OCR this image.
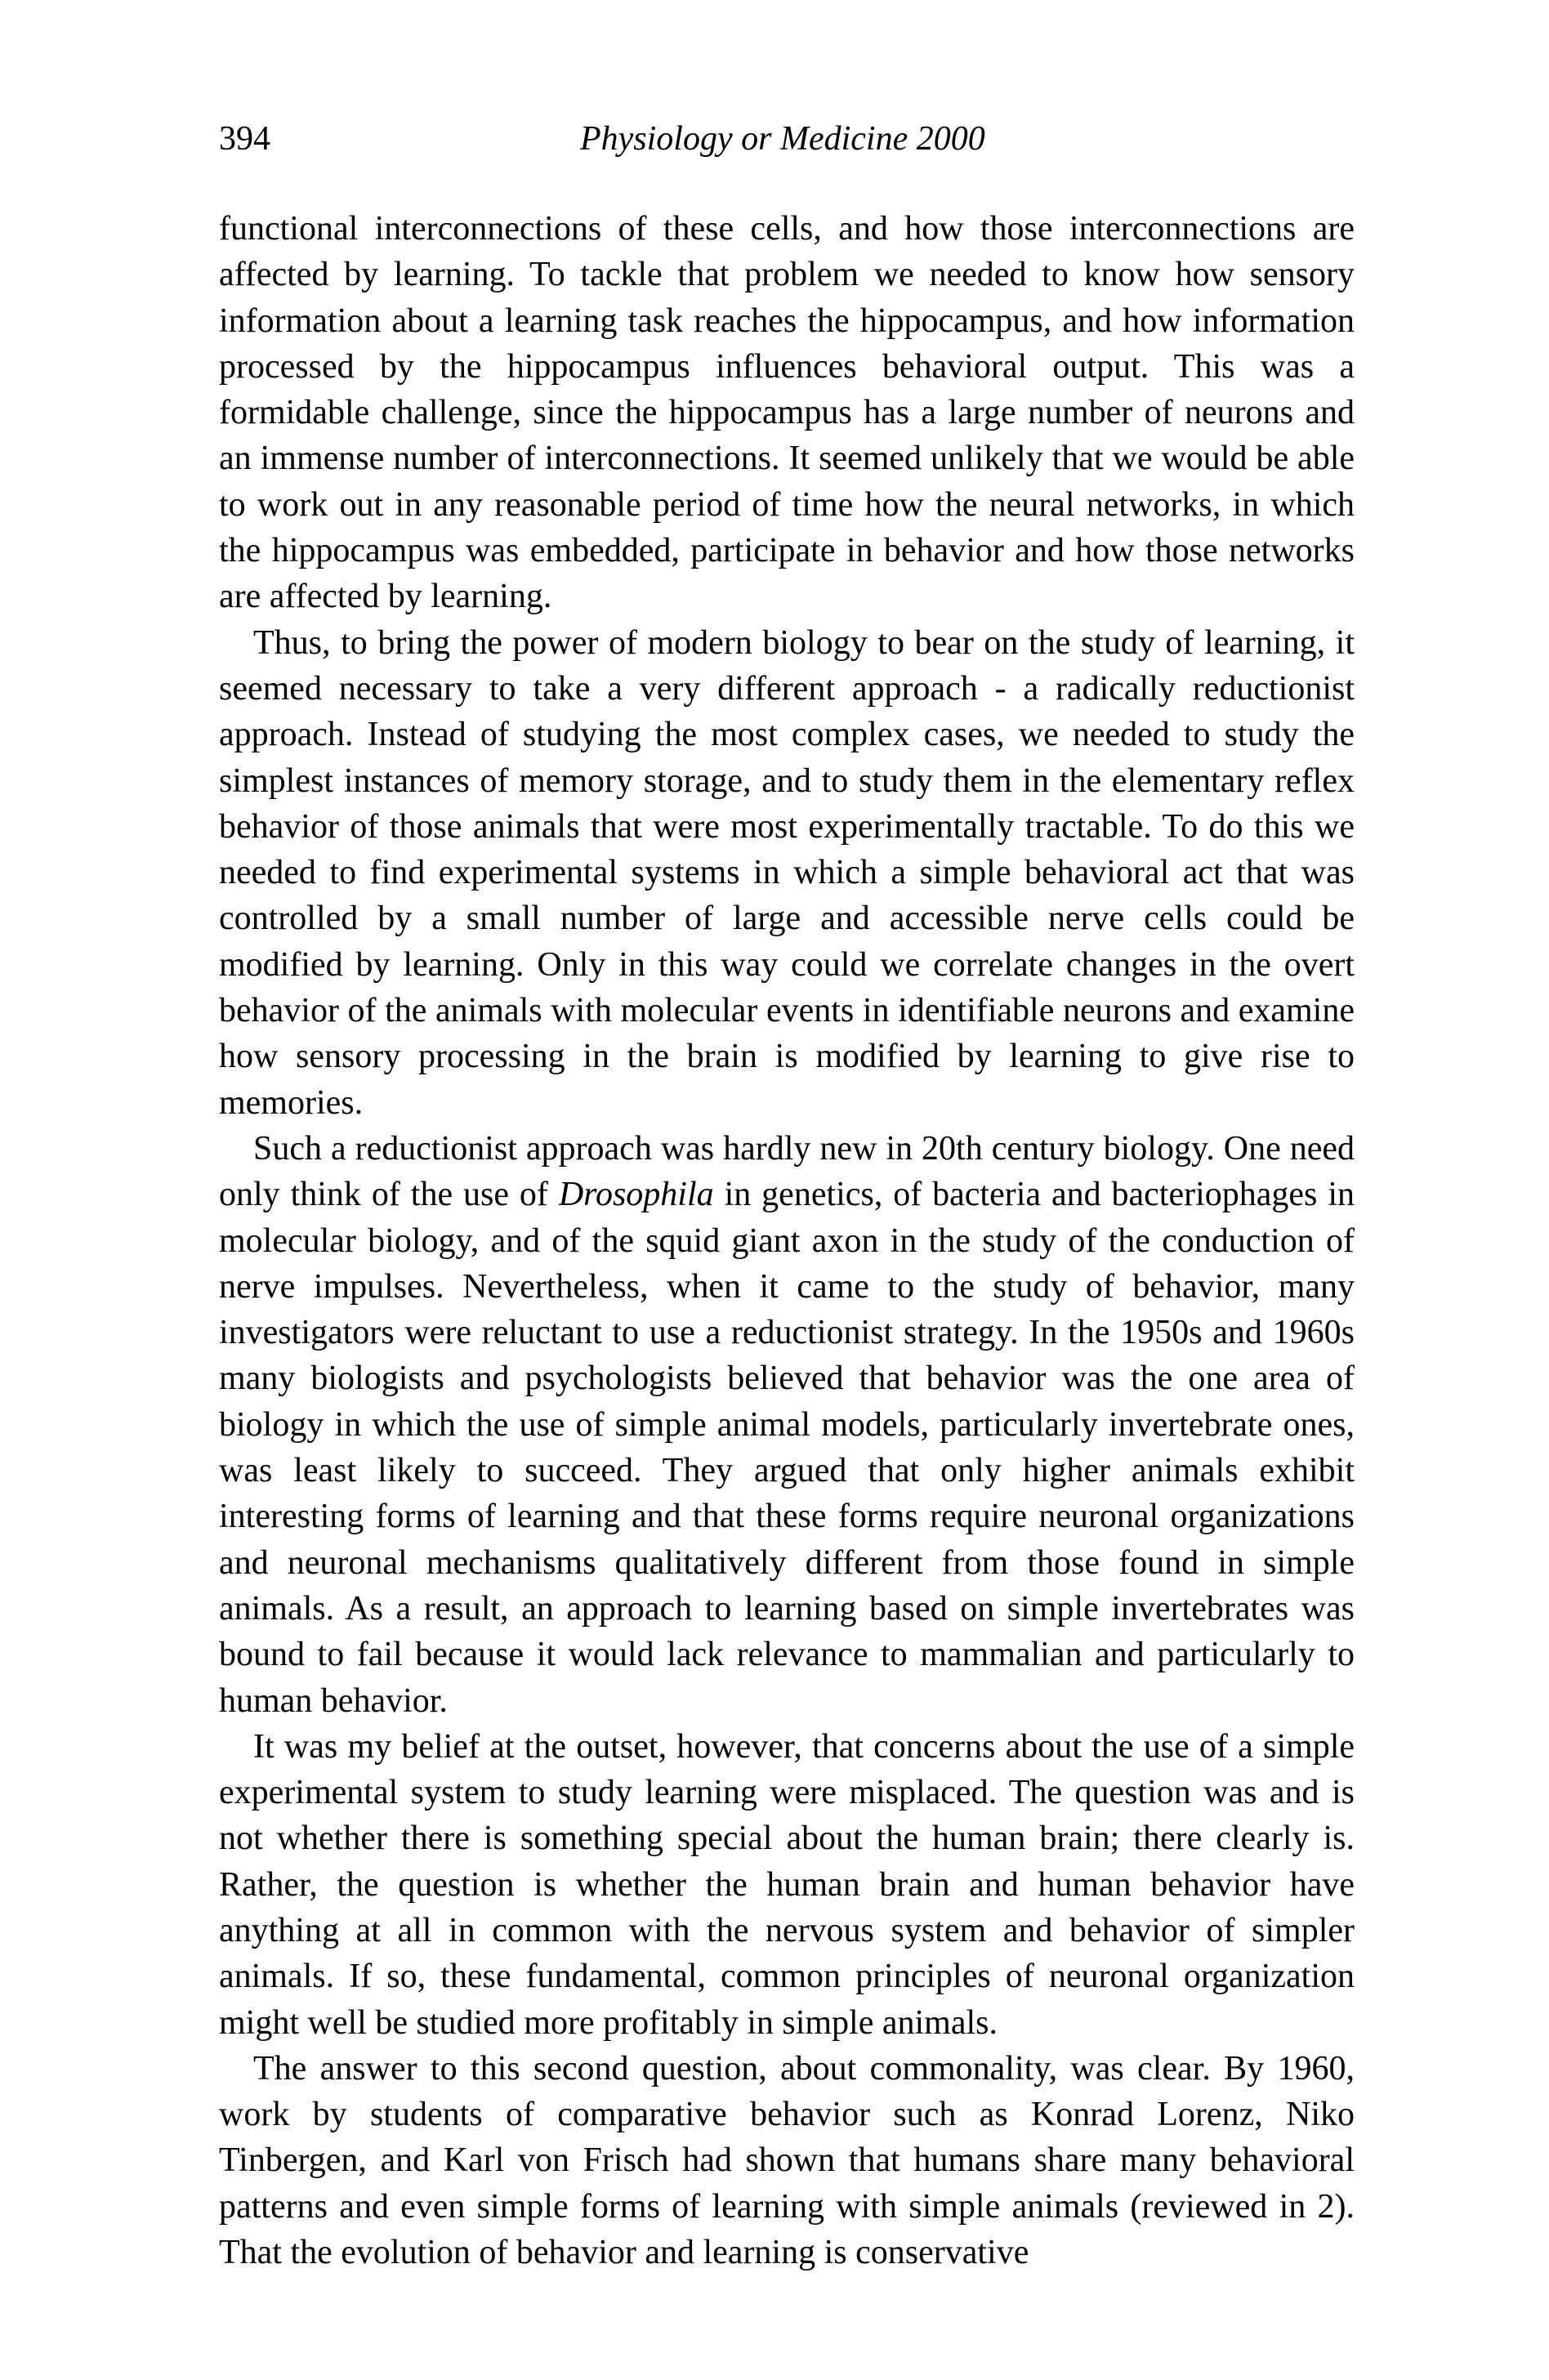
394	Physiology or Medicine 2000

functional interconnections of these cells, and how those interconnections are affected by learning. To tackle that problem we needed to know how sensory information about a learning task reaches the hippocampus, and how information processed by the hippocampus influences behavioral output. This was a formidable challenge, since the hippocampus has a large number of neurons and an immense number of interconnections. It seemed unlikely that we would be able to work out in any reasonable period of time how the neural networks, in which the hippocampus was embedded, participate in behavior and how those networks are affected by learning.

Thus, to bring the power of modern biology to bear on the study of learning, it seemed necessary to take a very different approach - a radically reductionist approach. Instead of studying the most complex cases, we needed to study the simplest instances of memory storage, and to study them in the elementary reflex behavior of those animals that were most experimentally tractable. To do this we needed to find experimental systems in which a simple behavioral act that was controlled by a small number of large and accessible nerve cells could be modified by learning. Only in this way could we correlate changes in the overt behavior of the animals with molecular events in identifiable neurons and examine how sensory processing in the brain is modified by learning to give rise to memories.

Such a reductionist approach was hardly new in 20th century biology. One need only think of the use of Drosophila in genetics, of bacteria and bacteriophages in molecular biology, and of the squid giant axon in the study of the conduction of nerve impulses. Nevertheless, when it came to the study of behavior, many investigators were reluctant to use a reductionist strategy. In the 1950s and 1960s many biologists and psychologists believed that behavior was the one area of biology in which the use of simple animal models, particularly invertebrate ones, was least likely to succeed. They argued that only higher animals exhibit interesting forms of learning and that these forms require neuronal organizations and neuronal mechanisms qualitatively different from those found in simple animals. As a result, an approach to learning based on simple invertebrates was bound to fail because it would lack relevance to mammalian and particularly to human behavior.

It was my belief at the outset, however, that concerns about the use of a simple experimental system to study learning were misplaced. The question was and is not whether there is something special about the human brain; there clearly is. Rather, the question is whether the human brain and human behavior have anything at all in common with the nervous system and behavior of simpler animals. If so, these fundamental, common principles of neuronal organization might well be studied more profitably in simple animals.

The answer to this second question, about commonality, was clear. By 1960, work by students of comparative behavior such as Konrad Lorenz, Niko Tinbergen, and Karl von Frisch had shown that humans share many behavioral patterns and even simple forms of learning with simple animals (reviewed in 2). That the evolution of behavior and learning is conservative
